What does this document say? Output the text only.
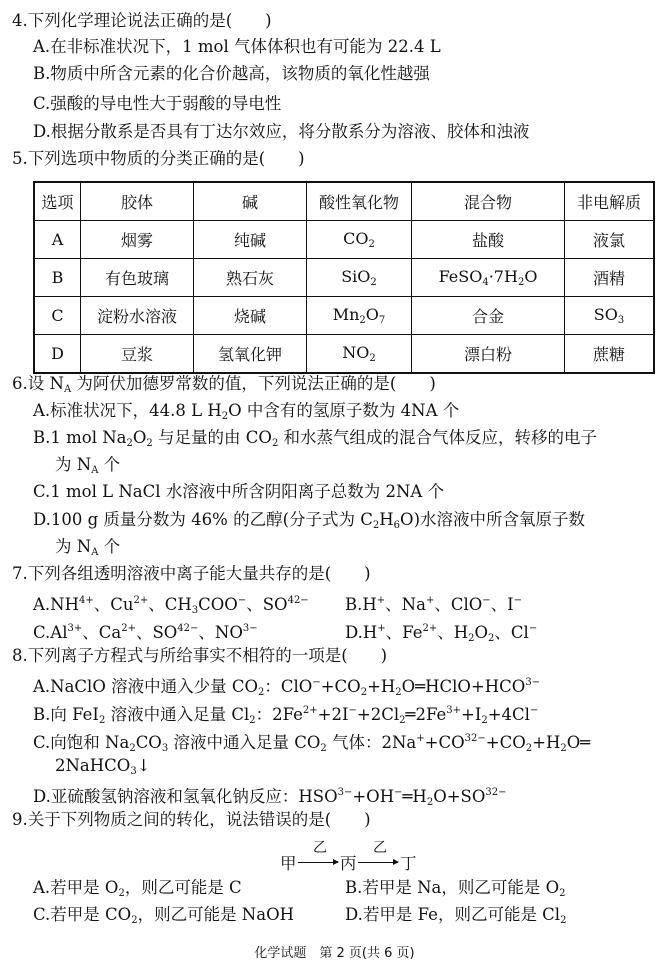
4.下列化学理论说法正确的是(　　)
A.在非标准状况下，1 mol 气体体积也有可能为 22.4 L
B.物质中所含元素的化合价越高，该物质的氧化性越强
C.强酸的导电性大于弱酸的导电性
D.根据分散系是否具有丁达尔效应，将分散系分为溶液、胶体和浊液
5.下列选项中物质的分类正确的是(　　)
选项	胶体	碱	酸性氧化物	混合物	非电解质
A	烟雾	纯碱	$CO_2$	盐酸	液氯
B	有色玻璃	熟石灰	SiO$_2$	$FeSO_4\cdot 7H_2O$	酒精
C	淀粉水溶液	烧碱	$Mn_2O_7$	合金	$SO_3$
D	豆浆	氢氧化钾	$NO_2$	漂白粉	蔗糖
6.设 $N_A$ 为阿伏加德罗常数的值，下列说法正确的是(　　)
A.标准状况下，44.8 L $H_2O$ 中含有的氢原子数为 4NA 个
B.1 mol $Na_2O_2$ 与足量的由 $CO_2$ 和水蒸气组成的混合气体反应，转移的电子
为 $N_A$ 个
C.1 mol L NaCl 水溶液中所含阴阳离子总数为 2NA 个
D.100 g 质量分数为 46% 的乙醇(分子式为 $C_2H_6O$)水溶液中所含氧原子数
为 $N_A$ 个
7.下列各组透明溶液中离子能大量共存的是(　　)
$A.NH^{4+}$、$Cu^{2+}$、$CH_3COO^-$、$SO^{42-}$ B.H+、Na+、ClO−、I−
$C.Al^{3+}$、$Ca^{2+}$、$SO^{42-}$、$NO^{3-}$	D.H+、$Fe^{2+}$、$H_2O_2$、Cl−
8.下列离子方程式与所给事实不相符的一项是(　　)
A.NaClO 溶液中通入少量 $CO_2$：$ClO^-+CO_2+H_2O═HClO+HCO^{3-}$
B.向 FeI$_2$ 溶液中通入足量 $Cl_2$：$2Fe^{2+}+2I^-+2Cl_2═2Fe^{3+}+I_2+4Cl^-$
C.向饱和 $Na_2CO_3$ 溶液中通入足量 $CO_2$ 气体：$2Na^++CO^{32-}+CO_2+H_2O═$
2NaHCO$_3$↓
D.亚硫酸氢钠溶液和氢氧化钠反应：$HSO^{3-}+OH^-═H_2O+SO^{32-}$
9.关于下列物质之间的转化，说法错误的是(　　)
甲
乙
→ 丙
乙
→ 丁
A.若甲是 $O_2$，则乙可能是 C	B.若甲是 Na，则乙可能是 $O_2$
C.若甲是 $CO_2$，则乙可能是 NaOH	D.若甲是 Fe，则乙可能是 $Cl_2$
化学试题　第 2 页(共 6 页)
